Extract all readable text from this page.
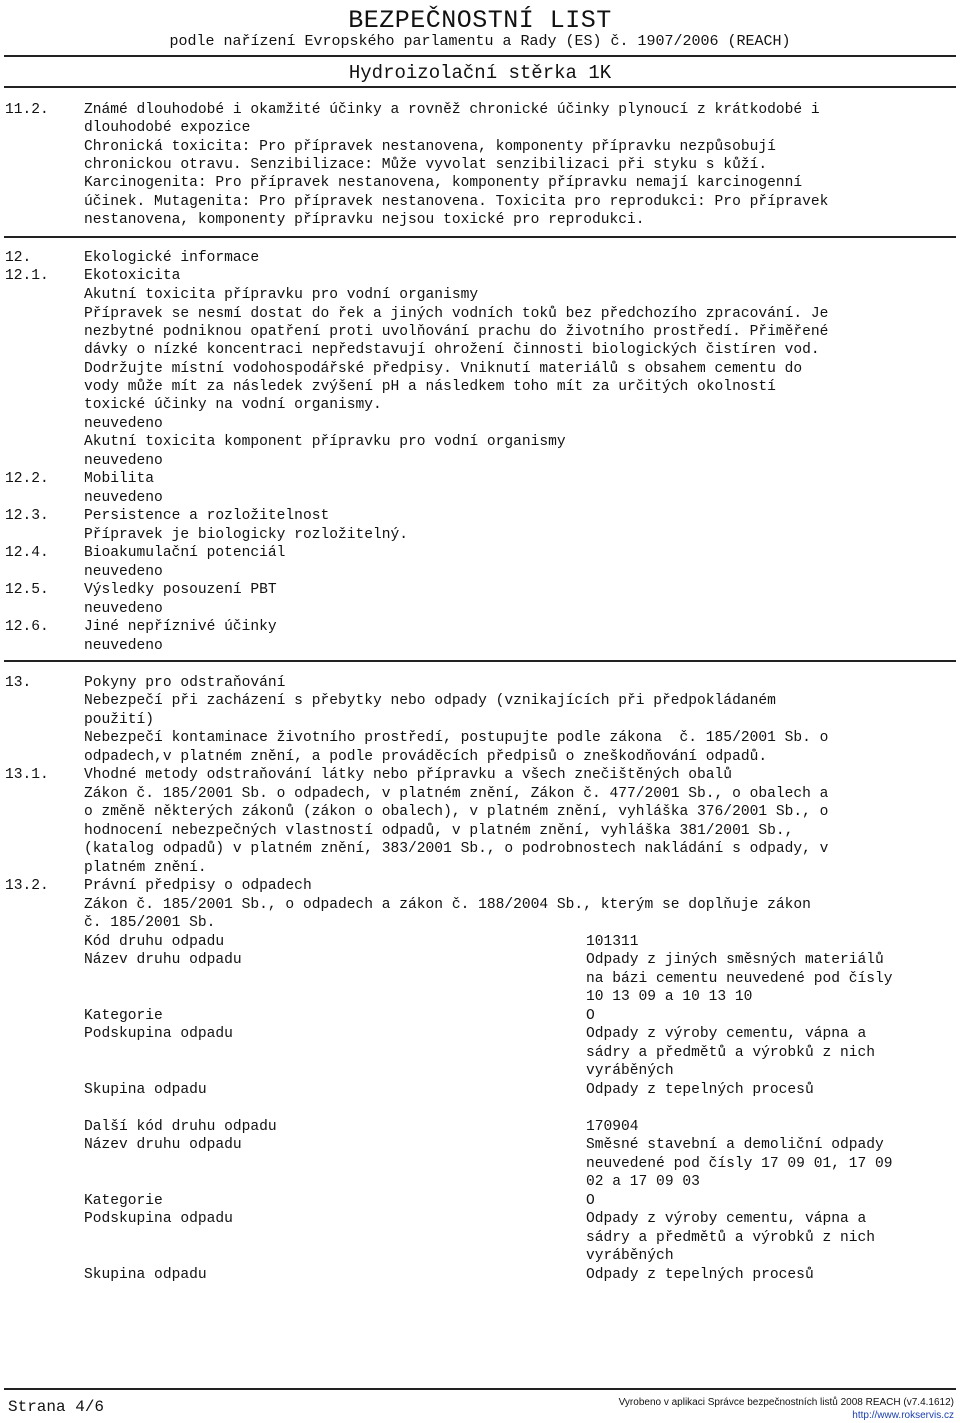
BEZPEČNOSTNÍ LIST
podle nařízení Evropského parlamentu a Rady (ES) č. 1907/2006 (REACH)
Hydroizolační stěrka 1K
11.2. Známé dlouhodobé i okamžité účinky a rovněž chronické účinky plynoucí z krátkodobé i
dlouhodobé expozice
Chronická toxicita: Pro přípravek nestanovena, komponenty přípravku nezpůsobují
chronickou otravu. Senzibilizace: Může vyvolat senzibilizaci při styku s kůží.
Karcinogenita: Pro přípravek nestanovena, komponenty přípravku nemají karcinogenní
účinek. Mutagenita: Pro přípravek nestanovena. Toxicita pro reprodukci: Pro přípravek
nestanovena, komponenty přípravku nejsou toxické pro reprodukci.
12.	Ekologické informace
12.1. Ekotoxicita
Akutní toxicita přípravku pro vodní organismy
Přípravek se nesmí dostat do řek a jiných vodních toků bez předchozího zpracování. Je
nezbytné podniknou opatření proti uvolňování prachu do životního prostředí. Přiměřené
dávky o nízké koncentraci nepředstavují ohrožení činnosti biologických čistíren vod.
Dodržujte místní vodohospodářské předpisy. Vniknutí materiálů s obsahem cementu do
vody může mít za následek zvýšení pH a následkem toho mít za určitých okolností
toxické účinky na vodní organismy.
neuvedeno
Akutní toxicita komponent přípravku pro vodní organismy
neuvedeno
12.2. Mobilita
neuvedeno
12.3. Persistence a rozložitelnost
Přípravek je biologicky rozložitelný.
12.4. Bioakumulační potenciál
neuvedeno
12.5. Výsledky posouzení PBT
neuvedeno
12.6. Jiné nepříznivé účinky
neuvedeno
13.	Pokyny pro odstraňování
Nebezpečí při zacházení s přebytky nebo odpady (vznikajících při předpokládaném
použití)
Nebezpečí kontaminace životního prostředí, postupujte podle zákona  č. 185/2001 Sb. o
odpadech,v platném znění, a podle prováděcích předpisů o zneškodňování odpadů.
13.1. Vhodné metody odstraňování látky nebo přípravku a všech znečištěných obalů
Zákon č. 185/2001 Sb. o odpadech, v platném znění, Zákon č. 477/2001 Sb., o obalech a
o změně některých zákonů (zákon o obalech), v platném znění, vyhláška 376/2001 Sb., o
hodnocení nebezpečných vlastností odpadů, v platném znění, vyhláška 381/2001 Sb.,
(katalog odpadů) v platném znění, 383/2001 Sb., o podrobnostech nakládání s odpady, v
platném znění.
13.2. Právní předpisy o odpadech
Zákon č. 185/2001 Sb., o odpadech a zákon č. 188/2004 Sb., kterým se doplňuje zákon
č. 185/2001 Sb.
Kód druhu odpadu	101311
Název druhu odpadu	Odpady z jiných směsných materiálů
na bázi cementu neuvedené pod čísly
10 13 09 a 10 13 10
Kategorie	O
Podskupina odpadu	Odpady z výroby cementu, vápna a
sádry a předmětů a výrobků z nich
vyráběných
Skupina odpadu	Odpady z tepelných procesů
Další kód druhu odpadu	170904
Název druhu odpadu	Směsné stavební a demoliční odpady
neuvedené pod čísly 17 09 01, 17 09
02 a 17 09 03
Kategorie	O
Podskupina odpadu	Odpady z výroby cementu, vápna a
sádry a předmětů a výrobků z nich
vyráběných
Skupina odpadu	Odpady z tepelných procesů
Strana 4/6	Vyrobeno v aplikaci Správce bezpečnostních listů 2008 REACH (v7.4.1612)
http://www.rokservis.cz
